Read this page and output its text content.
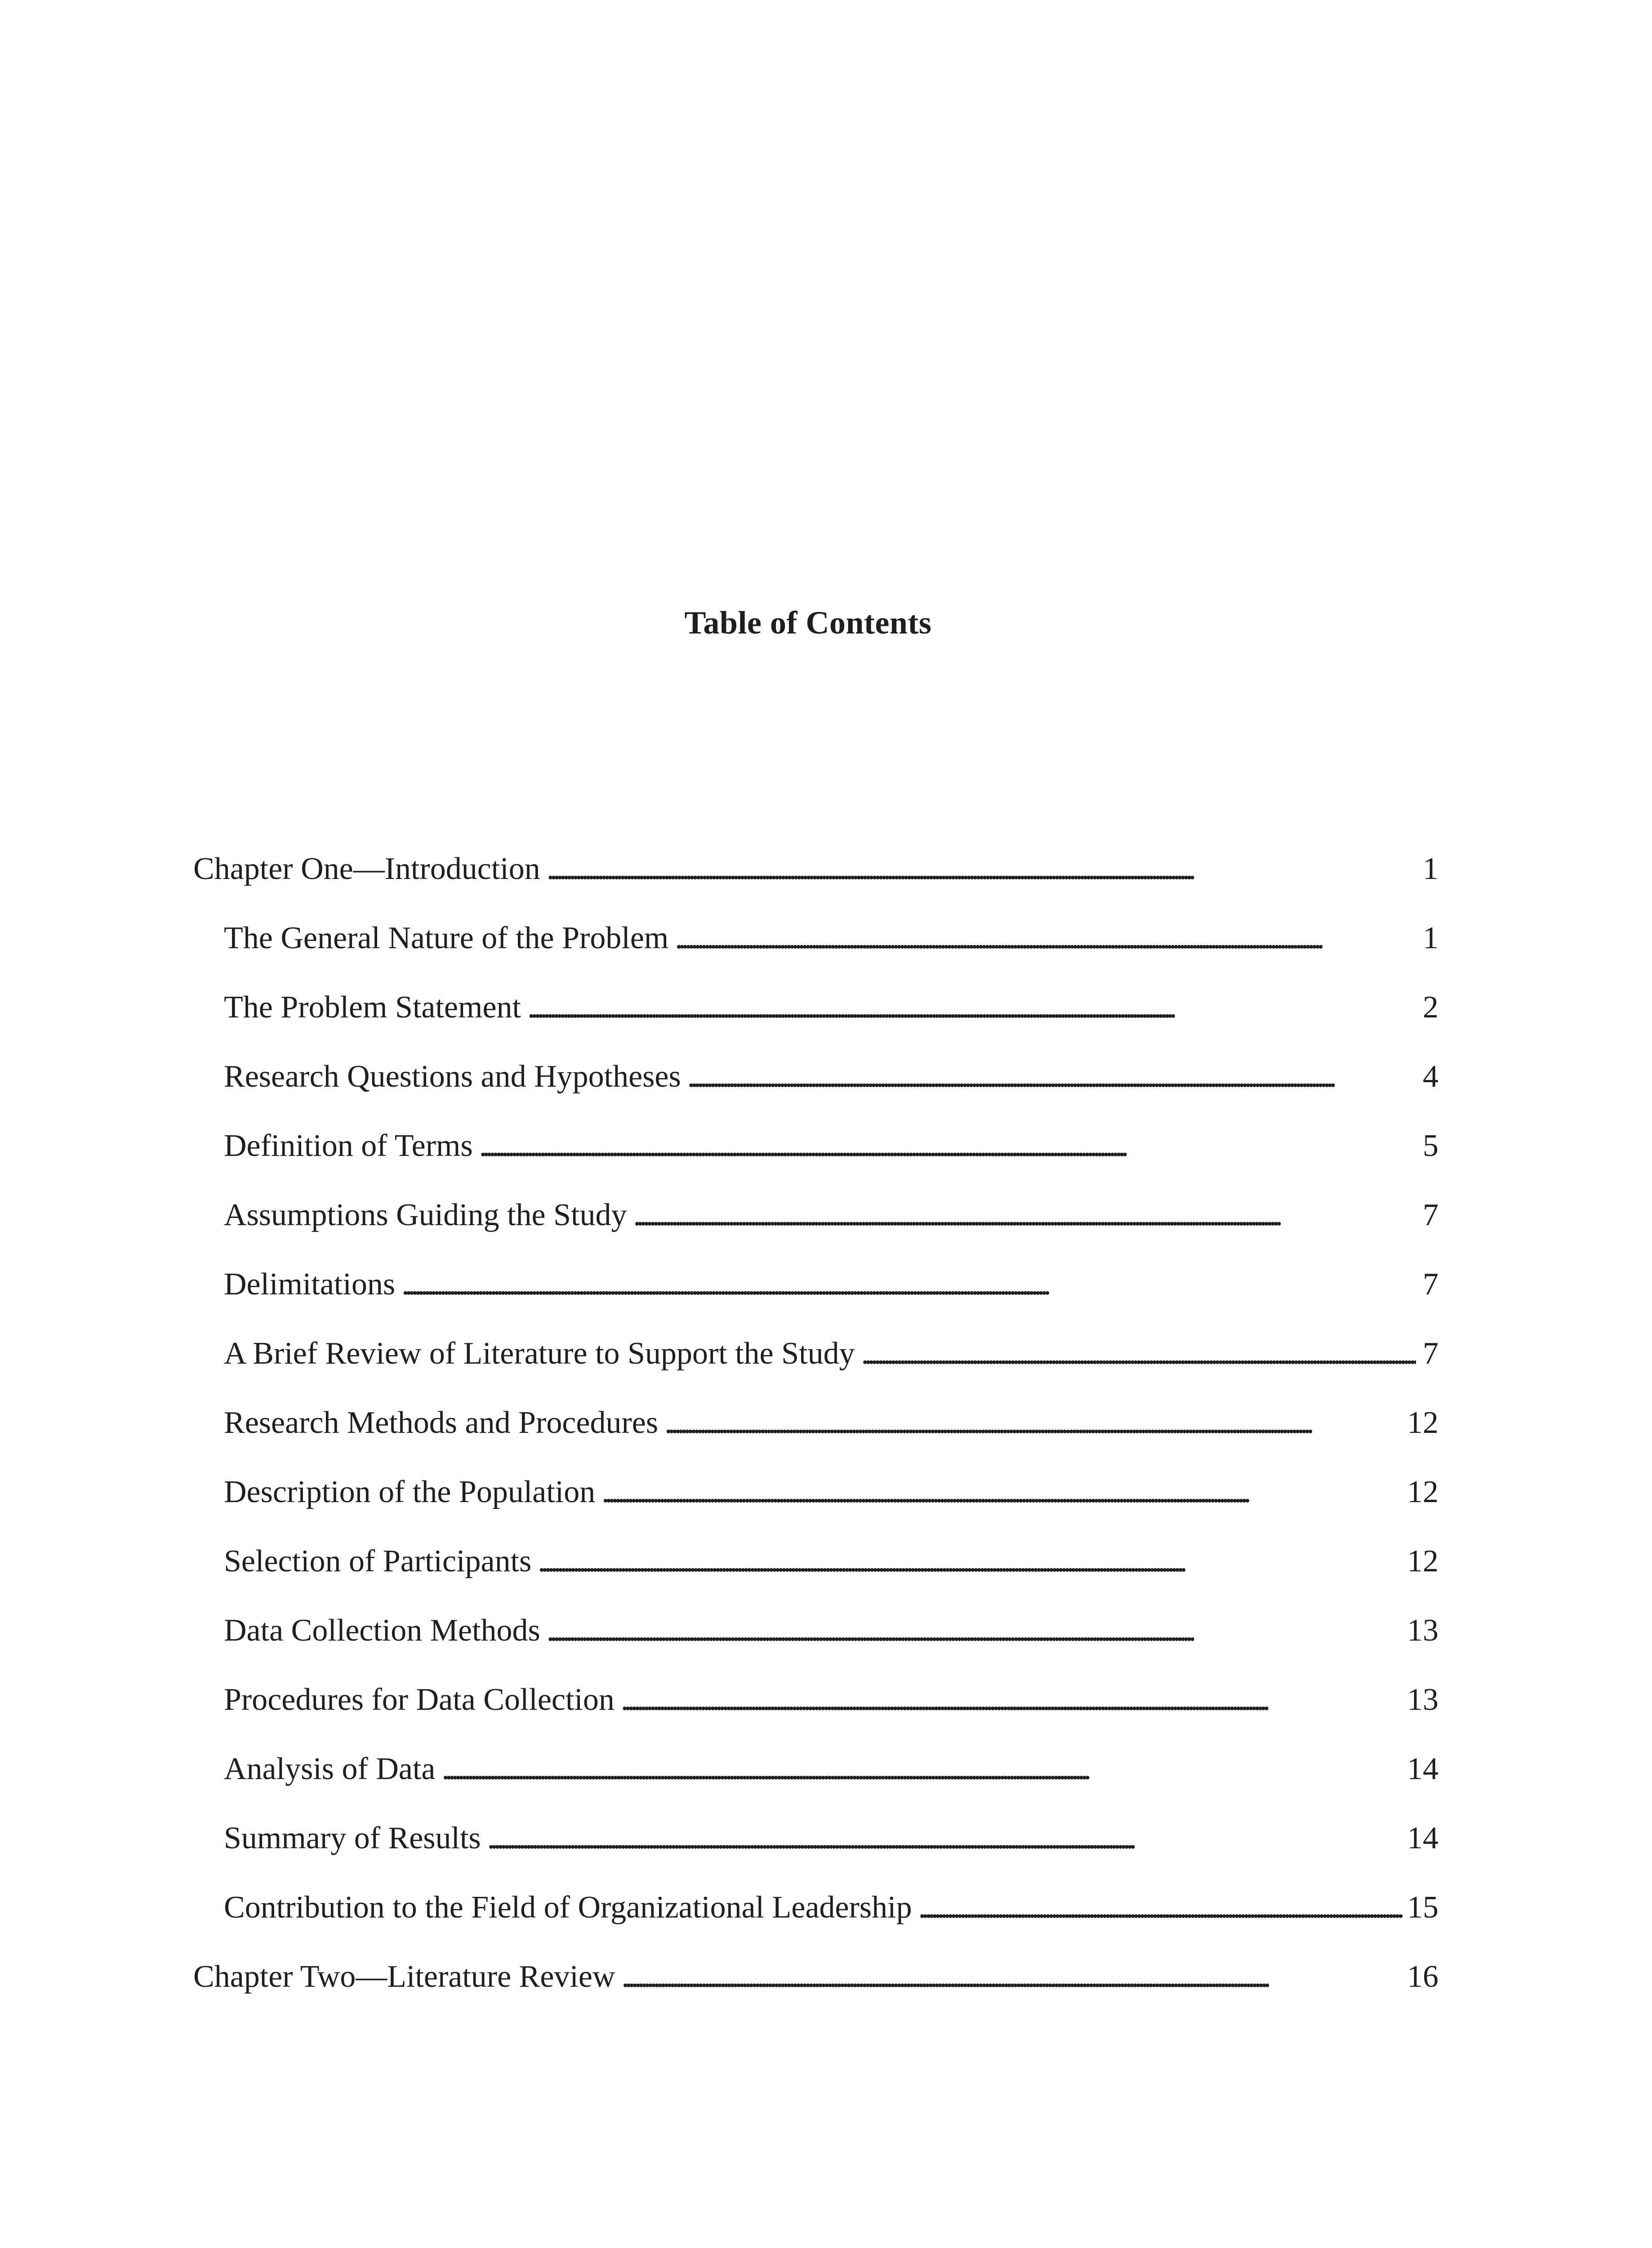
Table of Contents
Chapter One—Introduction . . .	1
The General Nature of the Problem . . .	1
The Problem Statement . . .	2
Research Questions and Hypotheses . . .	4
Definition of Terms . . .	5
Assumptions Guiding the Study . . .	7
Delimitations . . .	7
A Brief Review of Literature to Support the Study . . .	7
Research Methods and Procedures . . .	12
Description of the Population . . .	12
Selection of Participants . . .	12
Data Collection Methods . . .	13
Procedures for Data Collection . . .	13
Analysis of Data . . .	14
Summary of Results . . .	14
Contribution to the Field of Organizational Leadership . . .	15
Chapter Two—Literature Review . . .	16
